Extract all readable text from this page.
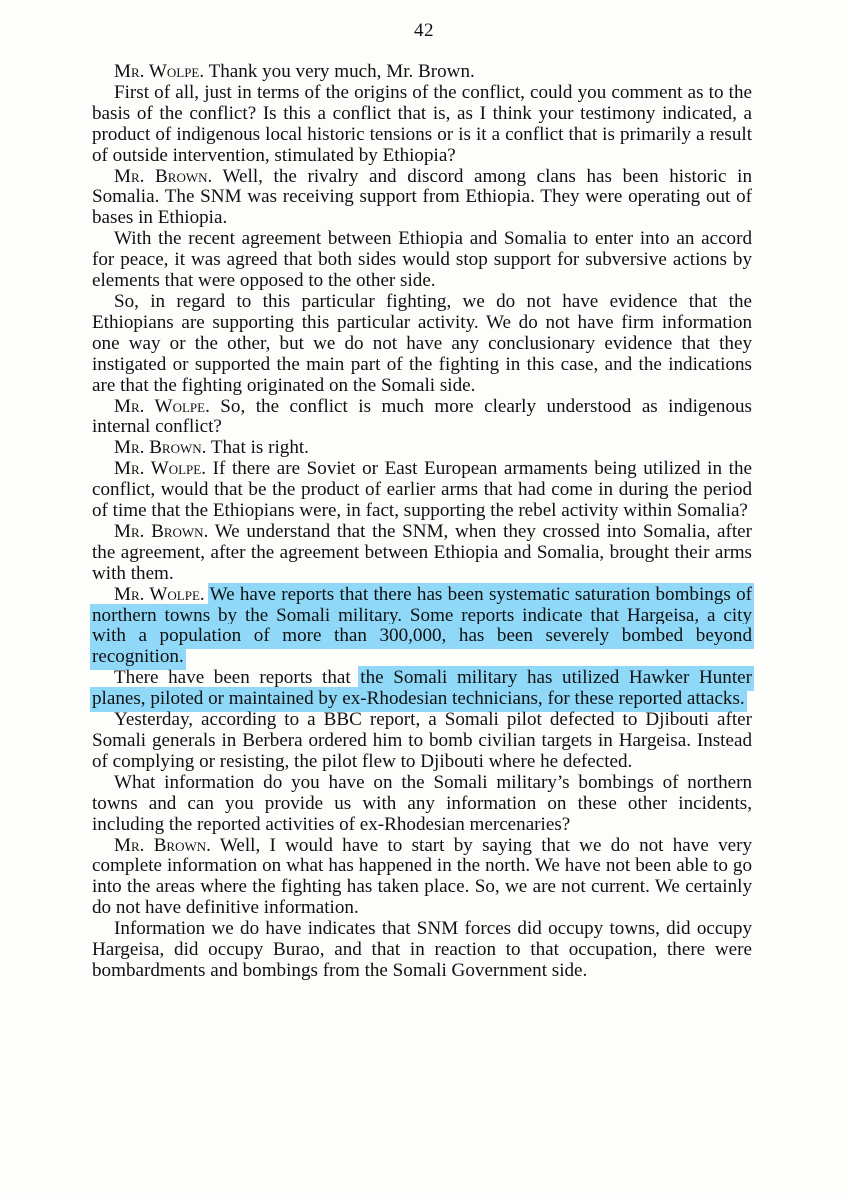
42

Mr. Wolpe. Thank you very much, Mr. Brown.

First of all, just in terms of the origins of the conflict, could you comment as to the basis of the conflict? Is this a conflict that is, as I think your testimony indicated, a product of indigenous local historic tensions or is it a conflict that is primarily a result of outside intervention, stimulated by Ethiopia?

Mr. Brown. Well, the rivalry and discord among clans has been historic in Somalia. The SNM was receiving support from Ethiopia. They were operating out of bases in Ethiopia.

With the recent agreement between Ethiopia and Somalia to enter into an accord for peace, it was agreed that both sides would stop support for subversive actions by elements that were opposed to the other side.

So, in regard to this particular fighting, we do not have evidence that the Ethiopians are supporting this particular activity. We do not have firm information one way or the other, but we do not have any conclusionary evidence that they instigated or supported the main part of the fighting in this case, and the indications are that the fighting originated on the Somali side.

Mr. Wolpe. So, the conflict is much more clearly understood as indigenous internal conflict?

Mr. Brown. That is right.

Mr. Wolpe. If there are Soviet or East European armaments being utilized in the conflict, would that be the product of earlier arms that had come in during the period of time that the Ethiopians were, in fact, supporting the rebel activity within Somalia?

Mr. Brown. We understand that the SNM, when they crossed into Somalia, after the agreement, after the agreement between Ethiopia and Somalia, brought their arms with them.

Mr. Wolpe. We have reports that there has been systematic saturation bombings of northern towns by the Somali military. Some reports indicate that Hargeisa, a city with a population of more than 300,000, has been severely bombed beyond recognition.

There have been reports that the Somali military has utilized Hawker Hunter planes, piloted or maintained by ex-Rhodesian technicians, for these reported attacks.

Yesterday, according to a BBC report, a Somali pilot defected to Djibouti after Somali generals in Berbera ordered him to bomb civilian targets in Hargeisa. Instead of complying or resisting, the pilot flew to Djibouti where he defected.

What information do you have on the Somali military’s bombings of northern towns and can you provide us with any information on these other incidents, including the reported activities of ex-Rhodesian mercenaries?

Mr. Brown. Well, I would have to start by saying that we do not have very complete information on what has happened in the north. We have not been able to go into the areas where the fighting has taken place. So, we are not current. We certainly do not have definitive information.

Information we do have indicates that SNM forces did occupy towns, did occupy Hargeisa, did occupy Burao, and that in reaction to that occupation, there were bombardments and bombings from the Somali Government side.
